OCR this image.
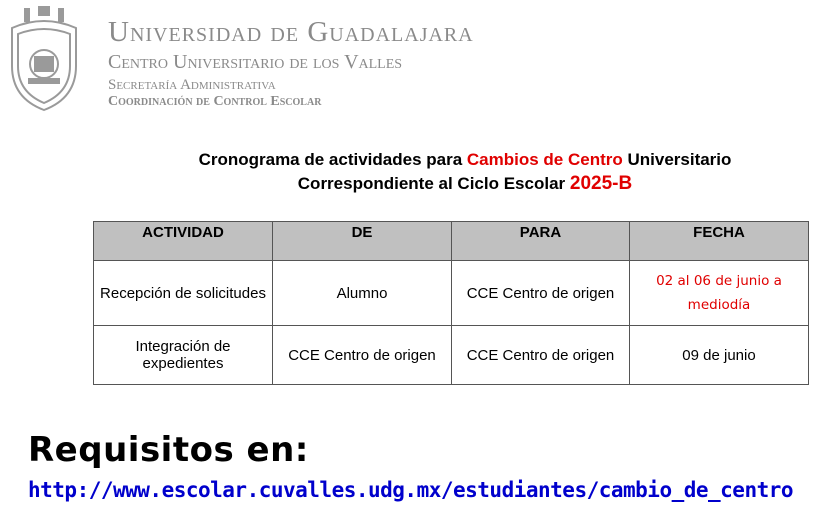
Universidad de Guadalajara
Centro Universitario de los Valles
Secretaría Administrativa
Coordinación de Control Escolar
Cronograma de actividades para Cambios de Centro Universitario
Correspondiente al Ciclo Escolar 2025-B
ACTIVIDAD	DE	PARA	FECHA
Recepción de solicitudes	Alumno	CCE Centro de origen	02 al 06 de junio a mediodía
Integración de expedientes	CCE Centro de origen	CCE Centro de origen	09 de junio

Requisitos en:
http://www.escolar.cuvalles.udg.mx/estudiantes/cambio_de_centro
